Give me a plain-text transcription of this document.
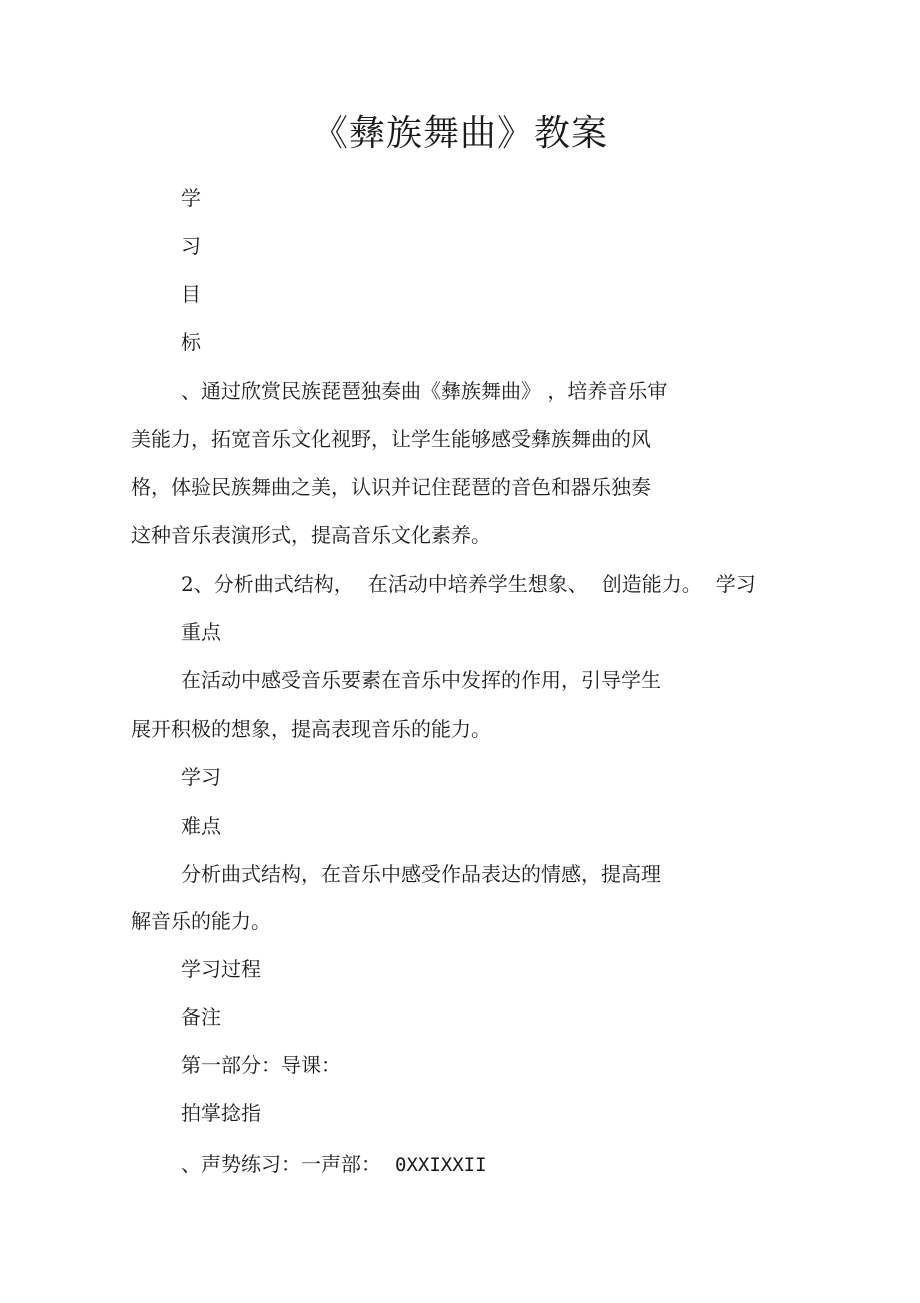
《彝族舞曲》教案
学
习
目
标
、通过欣赏民族琵琶独奏曲《彝族舞曲》 ，培养音乐审
美能力，拓宽音乐文化视野，让学生能够感受彝族舞曲的风
格，体验民族舞曲之美，认识并记住琵琶的音色和器乐独奏
这种音乐表演形式，提高音乐文化素养。
2、分析曲式结构， 在活动中培养学生想象、 创造能力。 学习
重点
在活动中感受音乐要素在音乐中发挥的作用，引导学生
展开积极的想象，提高表现音乐的能力。
学习
难点
分析曲式结构，在音乐中感受作品表达的情感，提高理
解音乐的能力。
学习过程
备注
第一部分：导课：
拍掌捻指
、声势练习：一声部： 0XXIXXII
